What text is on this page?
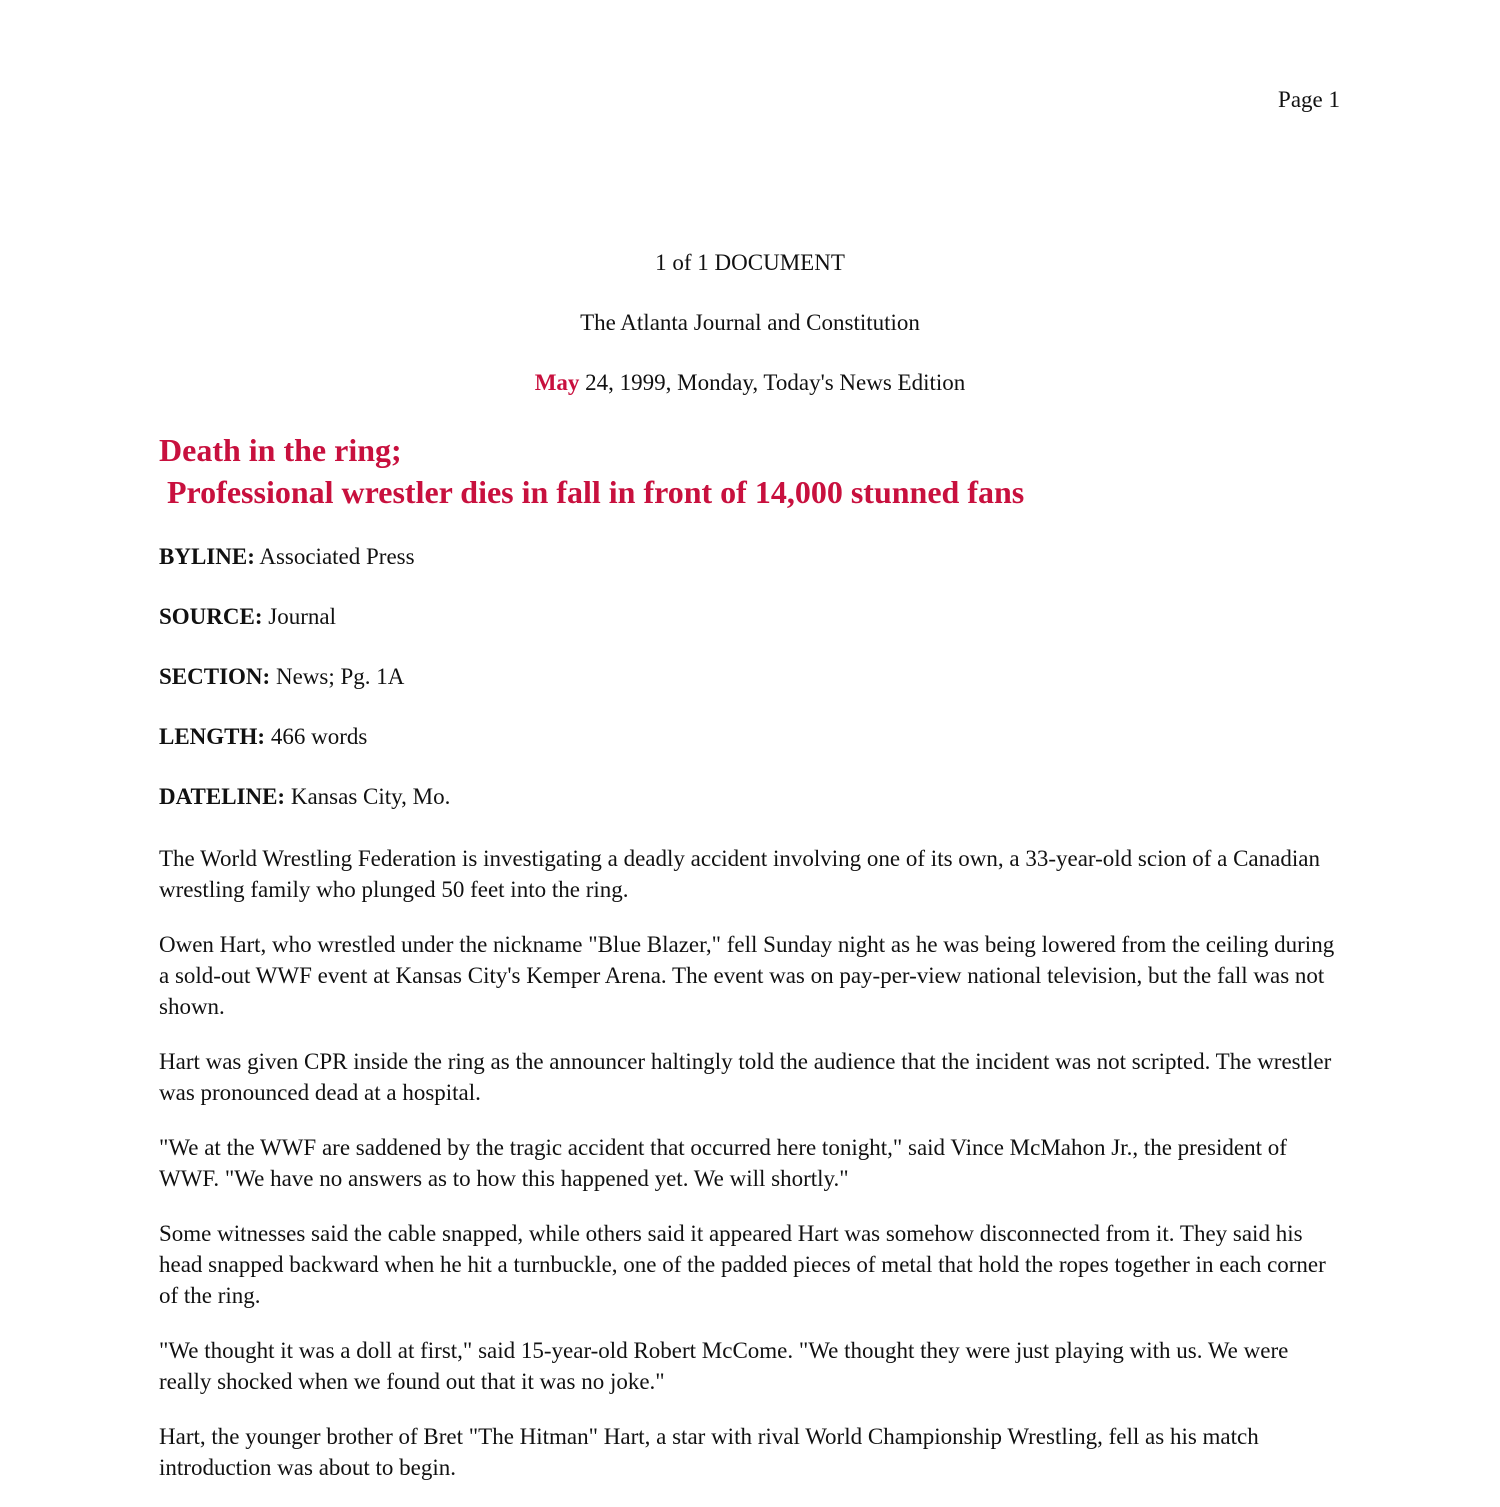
Page 1
1 of 1 DOCUMENT
The Atlanta Journal and Constitution
May 24, 1999, Monday, Today's News Edition
Death in the ring;
Professional wrestler dies in fall in front of 14,000 stunned fans
BYLINE: Associated Press
SOURCE: Journal
SECTION: News; Pg. 1A
LENGTH: 466 words
DATELINE: Kansas City, Mo.

The World Wrestling Federation is investigating a deadly accident involving one of its own, a 33-year-old scion of a Canadian wrestling family who plunged 50 feet into the ring.

Owen Hart, who wrestled under the nickname "Blue Blazer," fell Sunday night as he was being lowered from the ceiling during a sold-out WWF event at Kansas City's Kemper Arena. The event was on pay-per-view national television, but the fall was not shown.

Hart was given CPR inside the ring as the announcer haltingly told the audience that the incident was not scripted. The wrestler was pronounced dead at a hospital.

"We at the WWF are saddened by the tragic accident that occurred here tonight," said Vince McMahon Jr., the president of WWF. "We have no answers as to how this happened yet. We will shortly."

Some witnesses said the cable snapped, while others said it appeared Hart was somehow disconnected from it. They said his head snapped backward when he hit a turnbuckle, one of the padded pieces of metal that hold the ropes together in each corner of the ring.

"We thought it was a doll at first," said 15-year-old Robert McCome. "We thought they were just playing with us. We were really shocked when we found out that it was no joke."

Hart, the younger brother of Bret "The Hitman" Hart, a star with rival World Championship Wrestling, fell as his match introduction was about to begin.
